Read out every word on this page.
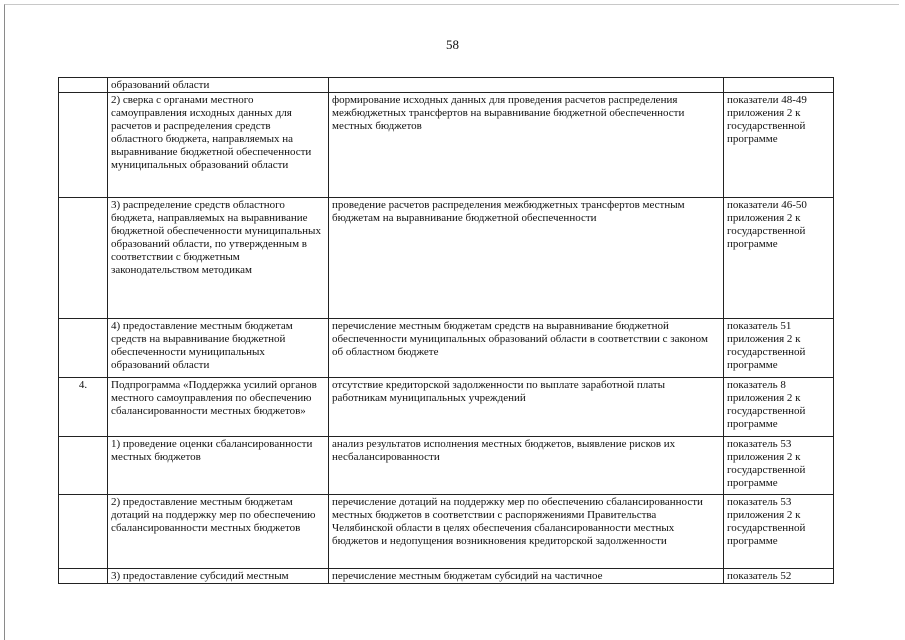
58
	образований области		
	2) сверка с органами местного самоуправления исходных данных для расчетов и распределения средств областного бюджета, направляемых на выравнивание бюджетной обеспеченности муниципальных образований области	формирование исходных данных для проведения расчетов распределения межбюджетных трансфертов на выравнивание бюджетной обеспеченности местных бюджетов	показатели 48-49 приложения 2 к государственной программе
	3) распределение средств областного бюджета, направляемых на выравнивание бюджетной обеспеченности муниципальных образований области, по утвержденным в соответствии с бюджетным законодательством методикам	проведение расчетов распределения межбюджетных трансфертов местным бюджетам на выравнивание бюджетной обеспеченности	показатели 46-50 приложения 2 к государственной программе
	4) предоставление местным бюджетам средств на выравнивание бюджетной обеспеченности муниципальных образований области	перечисление местным бюджетам средств на выравнивание бюджетной обеспеченности муниципальных образований области в соответствии с законом об областном бюджете	показатель 51 приложения 2 к государственной программе
4.	Подпрограмма «Поддержка усилий органов местного самоуправления по обеспечению сбалансированности местных бюджетов»	отсутствие кредиторской задолженности по выплате заработной платы работникам муниципальных учреждений	показатель 8 приложения 2 к государственной программе
	1) проведение оценки сбалансированности местных бюджетов	анализ результатов исполнения местных бюджетов, выявление рисков их несбалансированности	показатель 53 приложения 2 к государственной программе
	2) предоставление местным бюджетам дотаций на поддержку мер по обеспечению сбалансированности местных бюджетов	перечисление дотаций на поддержку мер по обеспечению сбалансированности местных бюджетов в соответствии с распоряжениями Правительства Челябинской области в целях обеспечения сбалансированности местных бюджетов и недопущения возникновения кредиторской задолженности	показатель 53 приложения 2 к государственной программе
	3) предоставление субсидий местным	перечисление местным бюджетам субсидий на частичное	показатель 52
